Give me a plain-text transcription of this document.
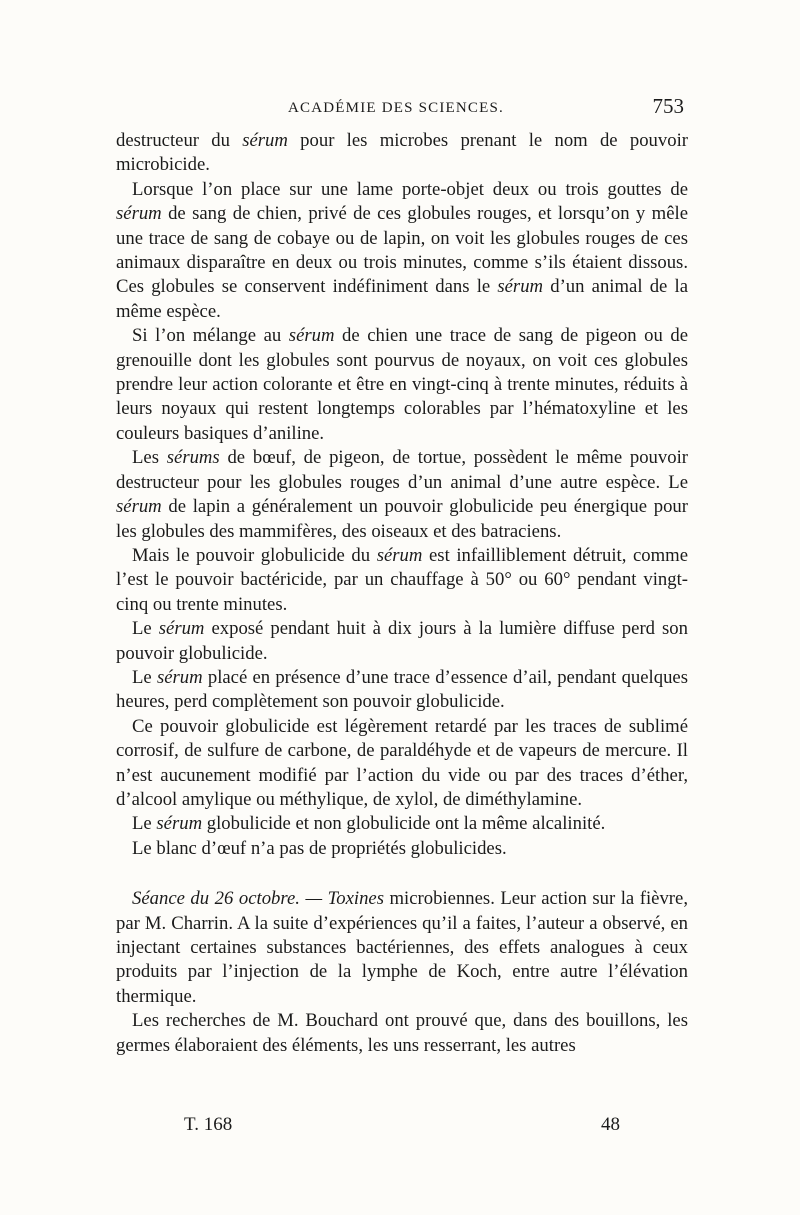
ACADÉMIE DES SCIENCES.	753

destructeur du sérum pour les microbes prenant le nom de pouvoir microbicide.

Lorsque l’on place sur une lame porte-objet deux ou trois gouttes de sérum de sang de chien, privé de ces globules rouges, et lorsqu’on y mêle une trace de sang de cobaye ou de lapin, on voit les globules rouges de ces animaux disparaître en deux ou trois minutes, comme s’ils étaient dissous. Ces globules se conservent indéfiniment dans le sérum d’un animal de la même espèce.

Si l’on mélange au sérum de chien une trace de sang de pigeon ou de grenouille dont les globules sont pourvus de noyaux, on voit ces globules prendre leur action colorante et être en vingt-cinq à trente minutes, réduits à leurs noyaux qui restent longtemps colorables par l’hématoxyline et les couleurs basiques d’aniline.

Les sérums de bœuf, de pigeon, de tortue, possèdent le même pouvoir destructeur pour les globules rouges d’un animal d’une autre espèce. Le sérum de lapin a généralement un pouvoir globulicide peu énergique pour les globules des mammifères, des oiseaux et des batraciens.

Mais le pouvoir globulicide du sérum est infailliblement détruit, comme l’est le pouvoir bactéricide, par un chauffage à 50° ou 60° pendant vingt-cinq ou trente minutes.

Le sérum exposé pendant huit à dix jours à la lumière diffuse perd son pouvoir globulicide.

Le sérum placé en présence d’une trace d’essence d’ail, pendant quelques heures, perd complètement son pouvoir globulicide.

Ce pouvoir globulicide est légèrement retardé par les traces de sublimé corrosif, de sulfure de carbone, de paraldéhyde et de vapeurs de mercure. Il n’est aucunement modifié par l’action du vide ou par des traces d’éther, d’alcool amylique ou méthylique, de xylol, de diméthylamine.

Le sérum globulicide et non globulicide ont la même alcalinité.

Le blanc d’œuf n’a pas de propriétés globulicides.

Séance du 26 octobre. — Toxines microbiennes. Leur action sur la fièvre, par M. Charrin. A la suite d’expériences qu’il a faites, l’auteur a observé, en injectant certaines substances bactériennes, des effets analogues à ceux produits par l’injection de la lymphe de Koch, entre autre l’élévation thermique.

Les recherches de M. Bouchard ont prouvé que, dans des bouillons, les germes élaboraient des éléments, les uns resserrant, les autres

T. 168	48
